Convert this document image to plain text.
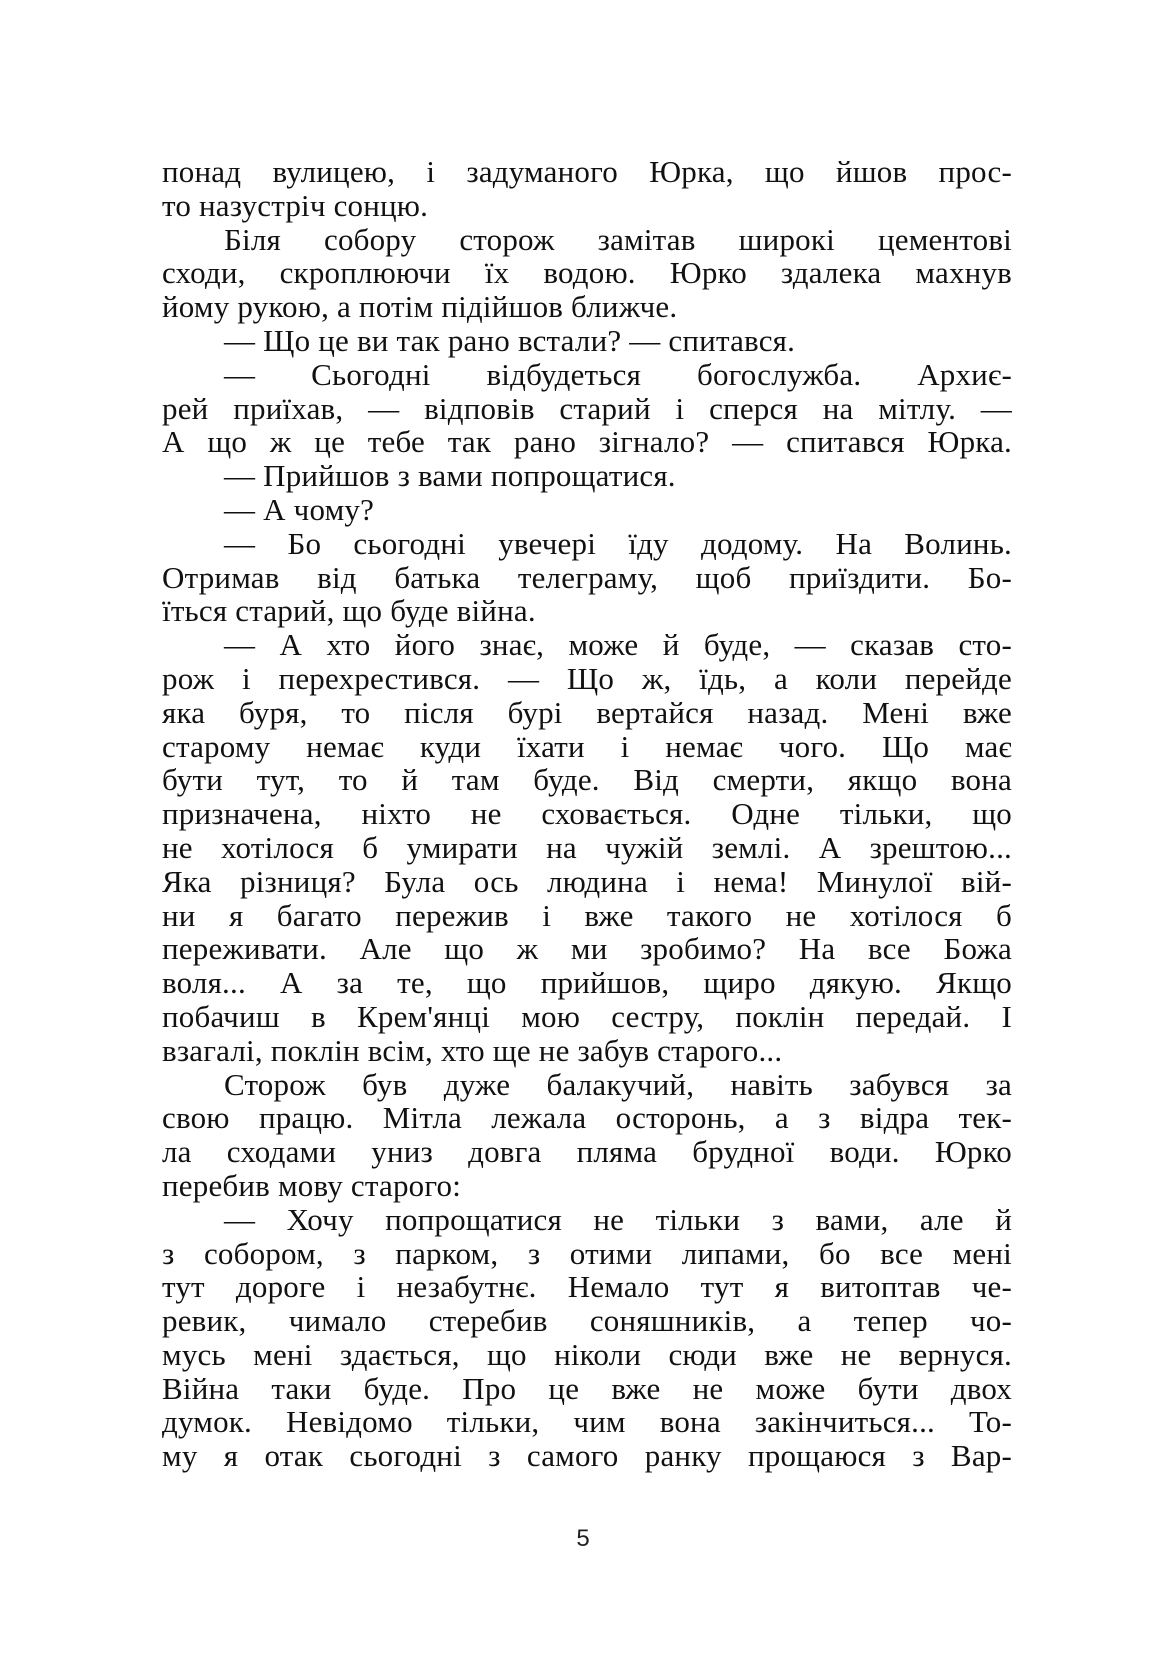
понад вулицею, і задуманого Юрка, що йшов прос-
то назустріч сонцю.
Біля собору сторож замітав широкі цементові
сходи, скроплюючи їх водою. Юрко здалека махнув
йому рукою, а потім підійшов ближче.
— Що це ви так рано встали? — спитався.
— Сьогодні відбудеться богослужба. Архиє-
рей приїхав, — відповів старий і сперся на мітлу. —
А що ж це тебе так рано зігнало? — спитався Юрка.
— Прийшов з вами попрощатися.
— А чому?
— Бо сьогодні увечері їду додому. На Волинь.
Отримав від батька телеграму, щоб приїздити. Бо-
їться старий, що буде війна.
— А хто його знає, може й буде, — сказав сто-
рож і перехрестився. — Що ж, їдь, а коли перейде
яка буря, то після бурі вертайся назад. Мені вже
старому немає куди їхати і немає чого. Що має
бути тут, то й там буде. Від смерти, якщо вона
призначена, ніхто не сховається. Одне тільки, що
не хотілося б умирати на чужій землі. А зрештою...
Яка різниця? Була ось людина і нема! Минулої вій-
ни я багато пережив і вже такого не хотілося б
переживати. Але що ж ми зробимо? На все Божа
воля... А за те, що прийшов, щиро дякую. Якщо
побачиш в Крем'янці мою сестру, поклін передай. І
взагалі, поклін всім, хто ще не забув старого...
Сторож був дуже балакучий, навіть забувся за
свою працю. Мітла лежала осторонь, а з відра тек-
ла сходами униз довга пляма брудної води. Юрко
перебив мову старого:
— Хочу попрощатися не тільки з вами, але й
з собором, з парком, з отими липами, бо все мені
тут дороге і незабутнє. Немало тут я витоптав че-
ревик, чимало стеребив соняшників, а тепер чо-
мусь мені здається, що ніколи сюди вже не вернуся.
Війна таки буде. Про це вже не може бути двох
думок. Невідомо тільки, чим вона закінчиться... То-
му я отак сьогодні з самого ранку прощаюся з Вар-
5
